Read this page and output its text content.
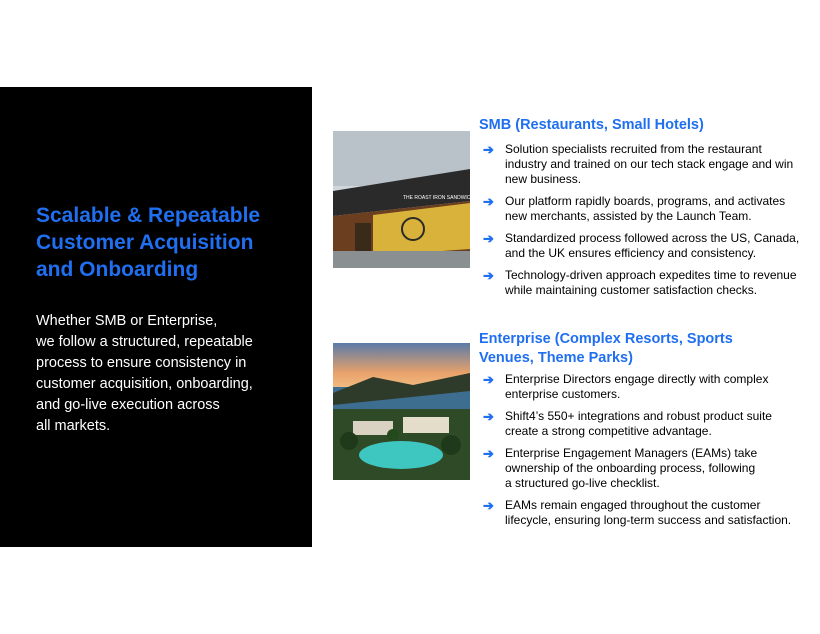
Scalable & Repeatable
Customer Acquisition
and Onboarding
Whether SMB or Enterprise,
we follow a structured, repeatable
process to ensure consistency in
customer acquisition, onboarding,
and go-live execution across
all markets.
THE ROAST IRON SANDWICH Co
SMB (Restaurants, Small Hotels)
➔ Solution specialists recruited from the restaurant
industry and trained on our tech stack engage and win
new business.
➔ Our platform rapidly boards, programs, and activates
new merchants, assisted by the Launch Team.
➔ Standardized process followed across the US, Canada,
and the UK ensures efficiency and consistency.
➔ Technology-driven approach expedites time to revenue
while maintaining customer satisfaction checks.
Enterprise (Complex Resorts, Sports
Venues, Theme Parks)
➔ Enterprise Directors engage directly with complex
enterprise customers.
➔ Shift4’s 550+ integrations and robust product suite
create a strong competitive advantage.
➔ Enterprise Engagement Managers (EAMs) take
ownership of the onboarding process, following
a structured go-live checklist.
➔ EAMs remain engaged throughout the customer
lifecycle, ensuring long-term success and satisfaction.
